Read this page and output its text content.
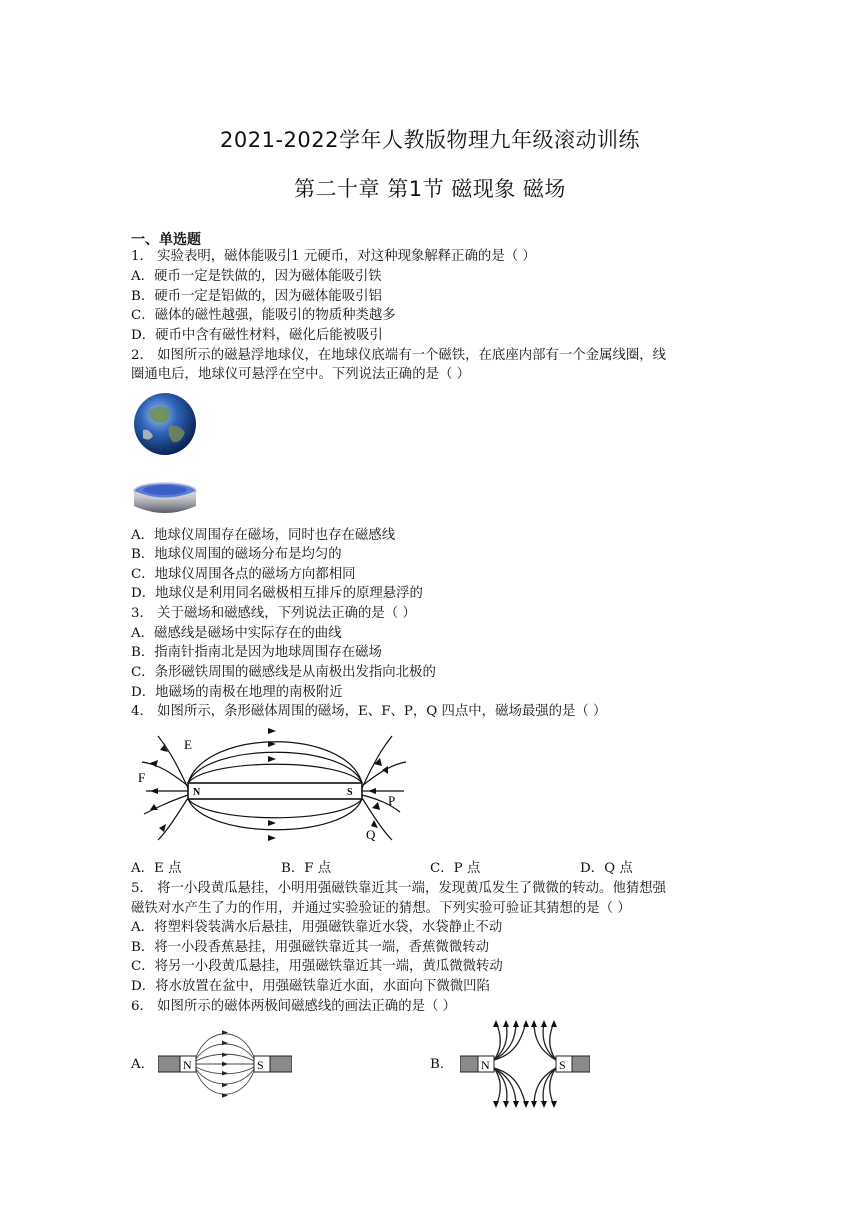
2021-2022学年人教版物理九年级滚动训练
第二十章 第1节 磁现象 磁场
一、单选题
1． 实验表明，磁体能吸引1 元硬币，对这种现象解释正确的是（ ）
A．硬币一定是铁做的，因为磁体能吸引铁
B．硬币一定是铝做的，因为磁体能吸引铝
C．磁体的磁性越强，能吸引的物质种类越多
D．硬币中含有磁性材料，磁化后能被吸引
2． 如图所示的磁悬浮地球仪，在地球仪底端有一个磁铁，在底座内部有一个金属线圈，线
圈通电后，地球仪可悬浮在空中。下列说法正确的是（ ）
A．地球仪周围存在磁场，同时也存在磁感线
B．地球仪周围的磁场分布是均匀的
C．地球仪周围各点的磁场方向都相同
D．地球仪是利用同名磁极相互排斥的原理悬浮的
3． 关于磁场和磁感线，下列说法正确的是（ ）
A．磁感线是磁场中实际存在的曲线
B．指南针指南北是因为地球周围存在磁场
C．条形磁铁周围的磁感线是从南极出发指向北极的
D．地磁场的南极在地理的南极附近
4． 如图所示，条形磁体周围的磁场，E、F、P，Q 四点中，磁场最强的是（ ）
N	S
E
F
P
Q
A．E 点	B．F 点	C．P 点	D．Q 点
5． 将一小段黄瓜悬挂，小明用强磁铁靠近其一端，发现黄瓜发生了微微的转动。他猜想强
磁铁对水产生了力的作用，并通过实验验证的猜想。下列实验可验证其猜想的是（ ）
A．将塑料袋装满水后悬挂，用强磁铁靠近水袋，水袋静止不动
B．将一小段香蕉悬挂，用强磁铁靠近其一端，香蕉微微转动
C．将另一小段黄瓜悬挂，用强磁铁靠近其一端，黄瓜微微转动
D．将水放置在盆中，用强磁铁靠近水面，水面向下微微凹陷
6． 如图所示的磁体两极间磁感线的画法正确的是（ ）
A． N	S	B． N	S
